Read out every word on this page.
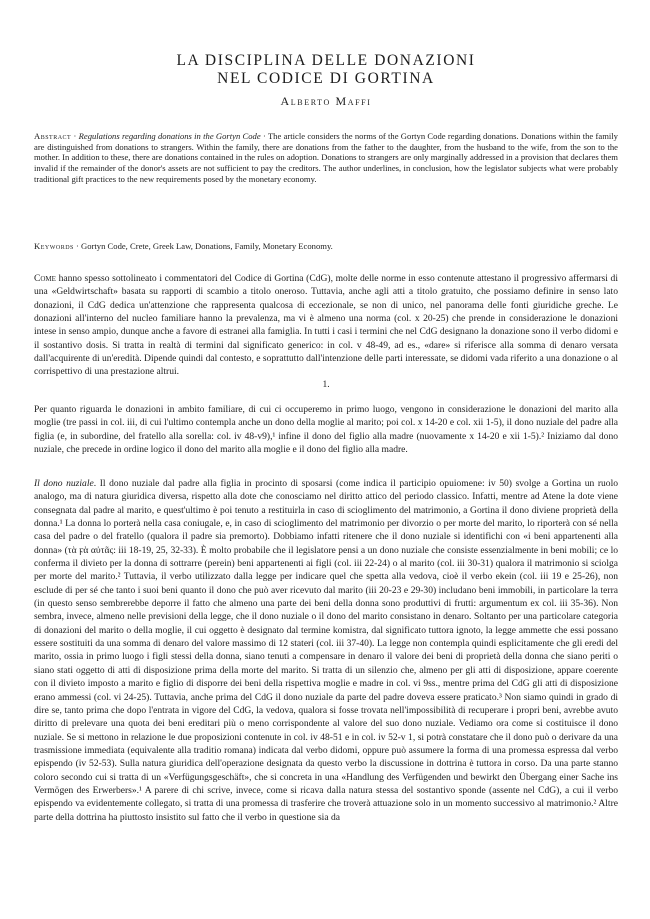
LA DISCIPLINA DELLE DONAZIONI
NEL CODICE DI GORTINA
Alberto Maffi
Abstract · Regulations regarding donations in the Gortyn Code · The article considers the norms of the Gortyn Code regarding donations. Donations within the family are distinguished from donations to strangers. Within the family, there are donations from the father to the daughter, from the husband to the wife, from the son to the mother. In addition to these, there are donations contained in the rules on adoption. Donations to strangers are only marginally addressed in a provision that declares them invalid if the remainder of the donor's assets are not sufficient to pay the creditors. The author underlines, in conclusion, how the legislator subjects what were probably traditional gift practices to the new requirements posed by the monetary economy.
Keywords · Gortyn Code, Crete, Greek Law, Donations, Family, Monetary Economy.

Come hanno spesso sottolineato i commentatori del Codice di Gortina (CdG), molte delle norme in esso contenute attestano il progressivo affermarsi di una «Geldwirtschaft» basata su rapporti di scambio a titolo oneroso. Tuttavia, anche agli atti a titolo gratuito, che possiamo definire in senso lato donazioni, il CdG dedica un'attenzione che rappresenta qualcosa di eccezionale, se non di unico, nel panorama delle fonti giuridiche greche. Le donazioni all'interno del nucleo familiare hanno la prevalenza, ma vi è almeno una norma (col. x 20-25) che prende in considerazione le donazioni intese in senso ampio, dunque anche a favore di estranei alla famiglia. In tutti i casi i termini che nel CdG designano la donazione sono il verbo didomi e il sostantivo dosis. Si tratta in realtà di termini dal significato generico: in col. v 48-49, ad es., «dare» si riferisce alla somma di denaro versata dall'acquirente di un'eredità. Dipende quindi dal contesto, e soprattutto dall'intenzione delle parti interessate, se didomi vada riferito a una donazione o al corrispettivo di una prestazione altrui.

1.

Per quanto riguarda le donazioni in ambito familiare, di cui ci occuperemo in primo luogo, vengono in considerazione le donazioni del marito alla moglie (tre passi in col. iii, di cui l'ultimo contempla anche un dono della moglie al marito; poi col. x 14-20 e col. xii 1-5), il dono nuziale del padre alla figlia (e, in subordine, del fratello alla sorella: col. iv 48-v9),¹ infine il dono del figlio alla madre (nuovamente x 14-20 e xii 1-5).² Iniziamo dal dono nuziale, che precede in ordine logico il dono del marito alla moglie e il dono del figlio alla madre.

Il dono nuziale. Il dono nuziale dal padre alla figlia in procinto di sposarsi (come indica il participio opuiomene: iv 50) svolge a Gortina un ruolo analogo, ma di natura giuridica diversa, rispetto alla dote che conosciamo nel diritto attico del periodo classico. Infatti, mentre ad Atene la dote viene consegnata dal padre al marito, e quest'ultimo è poi tenuto a restituirla in caso di scioglimento del matrimonio, a Gortina il dono diviene proprietà della donna.¹ La donna lo porterà nella casa coniugale, e, in caso di scioglimento del matrimonio per divorzio o per morte del marito, lo riporterà con sé nella casa del padre o del fratello (qualora il padre sia premorto). Dobbiamo infatti ritenere che il dono nuziale si identifichi con «i beni appartenenti alla donna» (τὰ ϝὰ αὐτᾶς: iii 18-19, 25, 32-33). È molto probabile che il legislatore pensi a un dono nuziale che consiste essenzialmente in beni mobili; ce lo conferma il divieto per la donna di sottrarre (perein) beni appartenenti ai figli (col. iii 22-24) o al marito (col. iii 30-31) qualora il matrimonio si sciolga per morte del marito.² Tuttavia, il verbo utilizzato dalla legge per indicare quel che spetta alla vedova, cioè il verbo ekein (col. iii 19 e 25-26), non esclude di per sé che tanto i suoi beni quanto il dono che può aver ricevuto dal marito (iii 20-23 e 29-30) includano beni immobili, in particolare la terra (in questo senso sembrerebbe deporre il fatto che almeno una parte dei beni della donna sono produttivi di frutti: argumentum ex col. iii 35-36). Non sembra, invece, almeno nelle previsioni della legge, che il dono nuziale o il dono del marito consistano in denaro. Soltanto per una particolare categoria di donazioni del marito o della moglie, il cui oggetto è designato dal termine komistra, dal significato tuttora ignoto, la legge ammette che essi possano essere sostituiti da una somma di denaro del valore massimo di 12 stateri (col. iii 37-40). La legge non contempla quindi esplicitamente che gli eredi del marito, ossia in primo luogo i figli stessi della donna, siano tenuti a compensare in denaro il valore dei beni di proprietà della donna che siano periti o siano stati oggetto di atti di disposizione prima della morte del marito. Si tratta di un silenzio che, almeno per gli atti di disposizione, appare coerente con il divieto imposto a marito e figlio di disporre dei beni della rispettiva moglie e madre in col. vi 9ss., mentre prima del CdG gli atti di disposizione erano ammessi (col. vi 24-25). Tuttavia, anche prima del CdG il dono nuziale da parte del padre doveva essere praticato.³ Non siamo quindi in grado di dire se, tanto prima che dopo l'entrata in vigore del CdG, la vedova, qualora si fosse trovata nell'impossibilità di recuperare i propri beni, avrebbe avuto diritto di prelevare una quota dei beni ereditari più o meno corrispondente al valore del suo dono nuziale. Vediamo ora come si costituisce il dono nuziale. Se si mettono in relazione le due proposizioni contenute in col. iv 48-51 e in col. iv 52-v 1, si potrà constatare che il dono può o derivare da una trasmissione immediata (equivalente alla traditio romana) indicata dal verbo didomi, oppure può assumere la forma di una promessa espressa dal verbo epispendo (iv 52-53). Sulla natura giuridica dell'operazione designata da questo verbo la discussione in dottrina è tuttora in corso. Da una parte stanno coloro secondo cui si tratta di un «Verfügungsgeschäft», che si concreta in una «Handlung des Verfügenden und bewirkt den Übergang einer Sache ins Vermögen des Erwerbers».¹ A parere di chi scrive, invece, come si ricava dalla natura stessa del sostantivo sponde (assente nel CdG), a cui il verbo epispendo va evidentemente collegato, si tratta di una promessa di trasferire che troverà attuazione solo in un momento successivo al matrimonio.² Altre parte della dottrina ha piuttosto insistito sul fatto che il verbo in questione sia da
